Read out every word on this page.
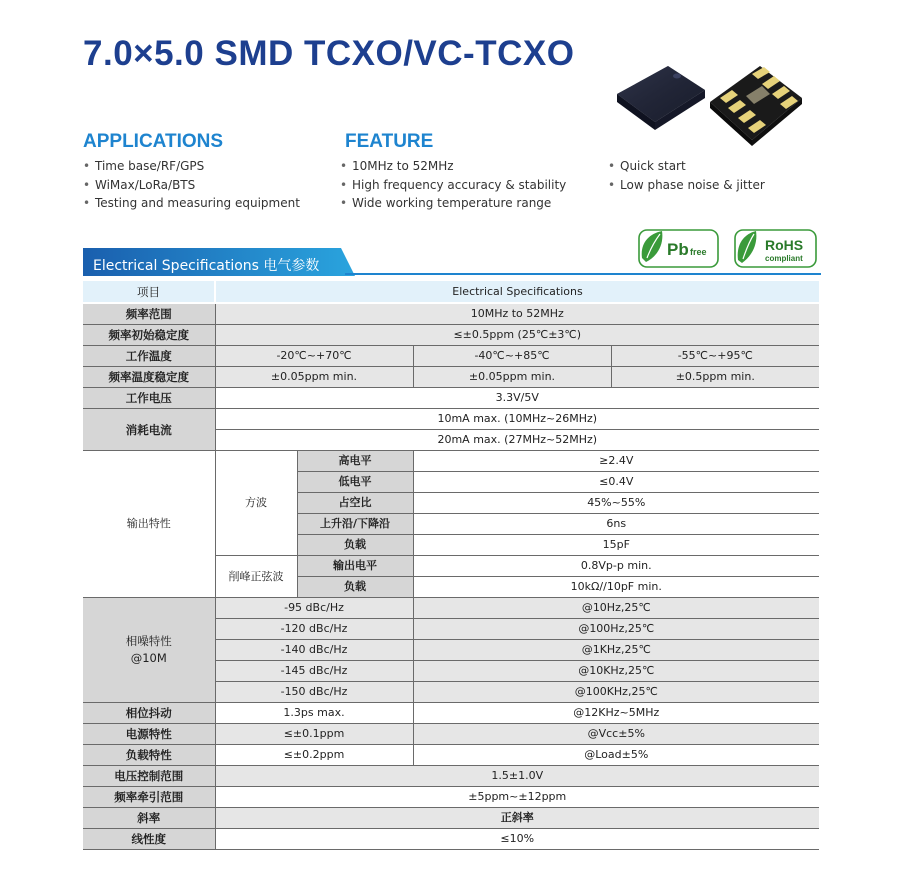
7.0×5.0 SMD TCXO/VC-TCXO
APPLICATIONS
• Time base/RF/GPS
• WiMax/LoRa/BTS
• Testing and measuring equipment
FEATURE
• 10MHz to 52MHz
• High frequency accuracy & stability
• Wide working temperature range
• Quick start
• Low phase noise & jitter
Pb free	RoHS
compliant
Electrical Specifications 电气参数
项目	Electrical Specifications			
频率范围	10MHz to 52MHz			
频率初始稳定度	≤±0.5ppm (25℃±3℃)			
工作温度	-20℃~+70℃		-40℃~+85℃	-55℃~+95℃
频率温度稳定度	±0.05ppm min.		±0.05ppm min.	±0.5ppm min.
工作电压	3.3V/5V			
消耗电流	10mA max. (10MHz~26MHz)			
	20mA max. (27MHz~52MHz)			
输出特性	方波	高电平	≥2.4V	
		低电平	≤0.4V	
		占空比	45%~55%	
		上升沿/下降沿	6ns	
		负载	15pF	
	削峰正弦波	输出电平	0.8Vp-p min.	
		负载	10kΩ//10pF min.	

相噪特性
@10M	-95 dBc/Hz		@10Hz,25℃	
	-120 dBc/Hz		@100Hz,25℃	
	-140 dBc/Hz		@1KHz,25℃	
	-145 dBc/Hz		@10KHz,25℃	
	-150 dBc/Hz		@100KHz,25℃	
相位抖动	1.3ps max.		@12KHz~5MHz	
电源特性	≤±0.1ppm		@Vcc±5%	
负载特性	≤±0.2ppm		@Load±5%	
电压控制范围	1.5±1.0V			
频率牵引范围	±5ppm~±12ppm			
斜率	正斜率			
线性度	≤10%			
